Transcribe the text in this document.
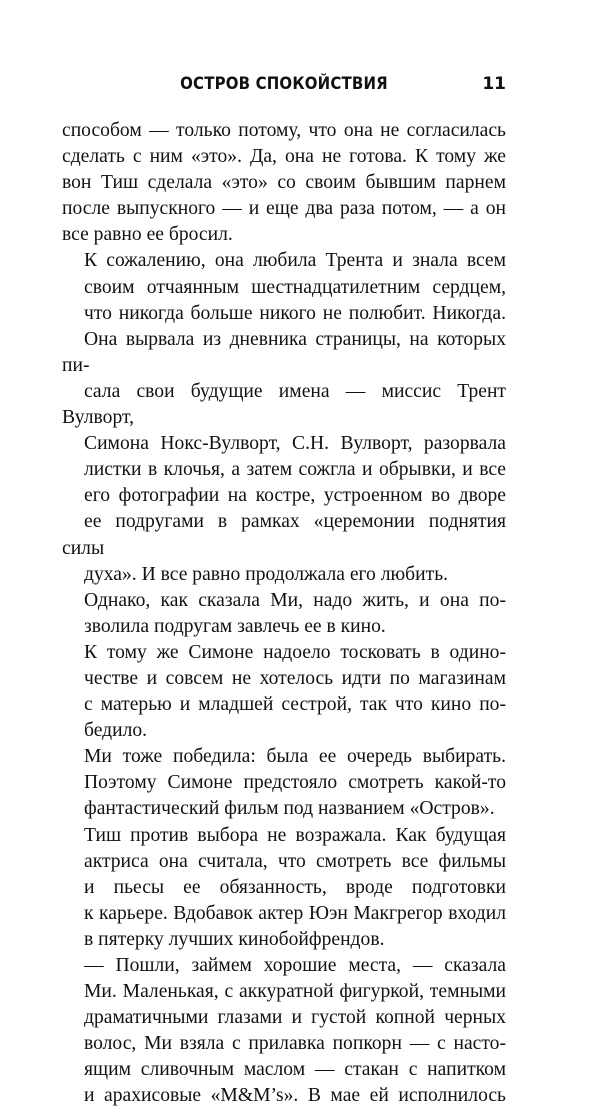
ОСТРОВ СПОКОЙСТВИЯ	11

способом — только потому, что она не согласилась
сделать с ним «это». Да, она не готова. К тому же
вон Тиш сделала «это» со своим бывшим парнем
после выпускного — и еще два раза потом, — а он
все равно ее бросил.

К сожалению, она любила Трента и знала всем
своим отчаянным шестнадцатилетним сердцем,
что никогда больше никого не полюбит. Никогда.
Она вырвала из дневника страницы, на которых пи-
сала свои будущие имена — миссис Трент Вулворт,
Симона Нокс-Вулворт, С.Н. Вулворт, разорвала
листки в клочья, а затем сожгла и обрывки, и все
его фотографии на костре, устроенном во дворе
ее подругами в рамках «церемонии поднятия силы
духа». И все равно продолжала его любить.

Однако, как сказала Ми, надо жить, и она по-
зволила подругам завлечь ее в кино.

К тому же Симоне надоело тосковать в одино-
честве и совсем не хотелось идти по магазинам
с матерью и младшей сестрой, так что кино по-
бедило.

Ми тоже победила: была ее очередь выбирать.
Поэтому Симоне предстояло смотреть какой-то
фантастический фильм под названием «Остров».

Тиш против выбора не возражала. Как будущая
актриса она считала, что смотреть все фильмы
и пьесы ее обязанность, вроде подготовки
к карьере. Вдобавок актер Юэн Макгрегор входил
в пятерку лучших кинобойфрендов.

— Пошли, займем хорошие места, — сказала
Ми. Маленькая, с аккуратной фигуркой, темными
драматичными глазами и густой копной черных
волос, Ми взяла с прилавка попкорн — с насто-
ящим сливочным маслом — стакан с напитком
и арахисовые «M&M’s». В мае ей исполнилось
